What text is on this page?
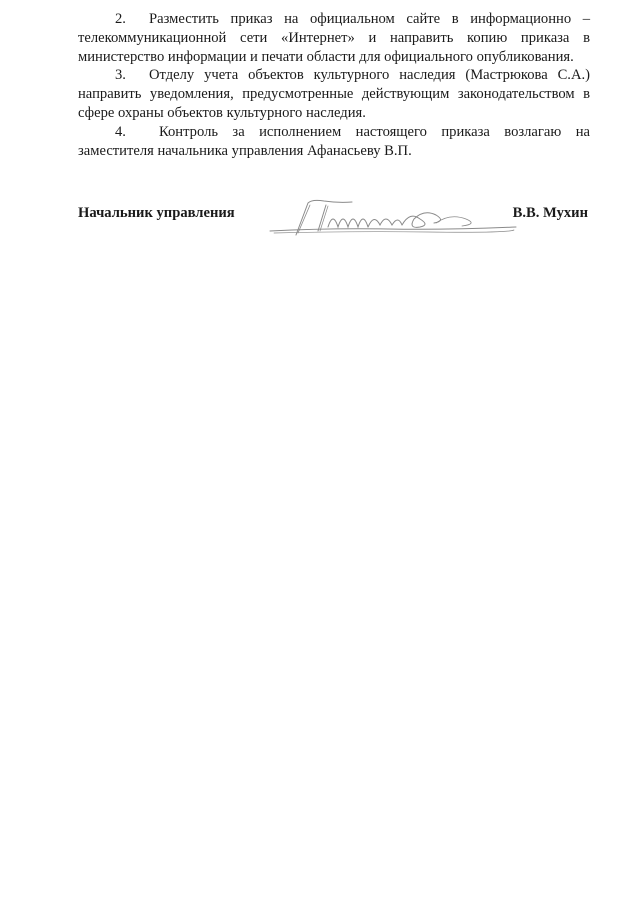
2. Разместить приказ на официальном сайте в информационно – телекоммуникационной сети «Интернет» и направить копию приказа в министерство информации и печати области для официального опубликования.

3. Отделу учета объектов культурного наследия (Мастрюкова С.А.) направить уведомления, предусмотренные действующим законодательством в сфере охраны объектов культурного наследия.

4. Контроль за исполнением настоящего приказа возлагаю на заместителя начальника управления Афанасьеву В.П.

Начальник управления	В.В. Мухин
